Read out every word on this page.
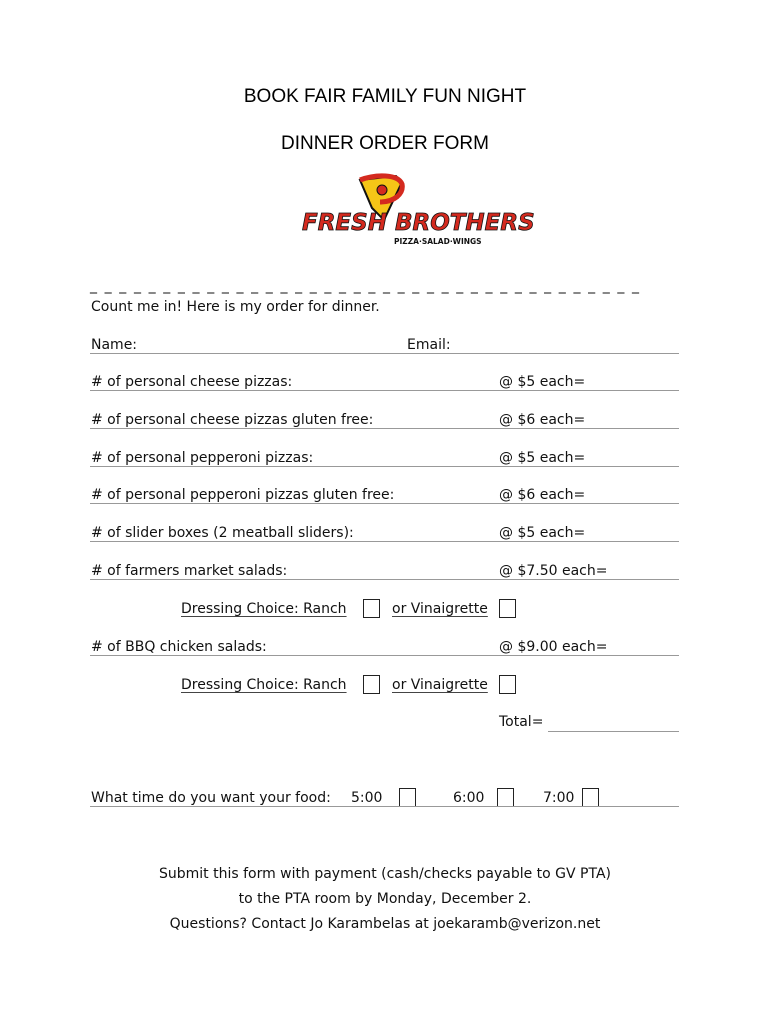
BOOK FAIR FAMILY FUN NIGHT
DINNER ORDER FORM
FRESH BROTHERS
PIZZA·SALAD·WINGS
_ _ _ _ _ _ _ _ _ _ _ _ _ _ _ _ _ _ _ _ _ _ _ _ _ _ _ _ _ _ _ _ _ _ _ _ _ _
Count me in! Here is my order for dinner.
Name:	Email:
# of personal cheese pizzas:	@ $5 each=
# of personal cheese pizzas gluten free:	@ $6 each=
# of personal pepperoni pizzas:	@ $5 each=
# of personal pepperoni pizzas gluten free:	@ $6 each=
# of slider boxes (2 meatball sliders):	@ $5 each=
# of farmers market salads:	@ $7.50 each=
Dressing Choice: Ranch	or Vinaigrette
# of BBQ chicken salads:	@ $9.00 each=
Dressing Choice: Ranch	or Vinaigrette
Total=
What time do you want your food: 5:00	6:00	7:00
Submit this form with payment (cash/checks payable to GV PTA)
to the PTA room by Monday, December 2.
Questions? Contact Jo Karambelas at joekaramb@verizon.net
